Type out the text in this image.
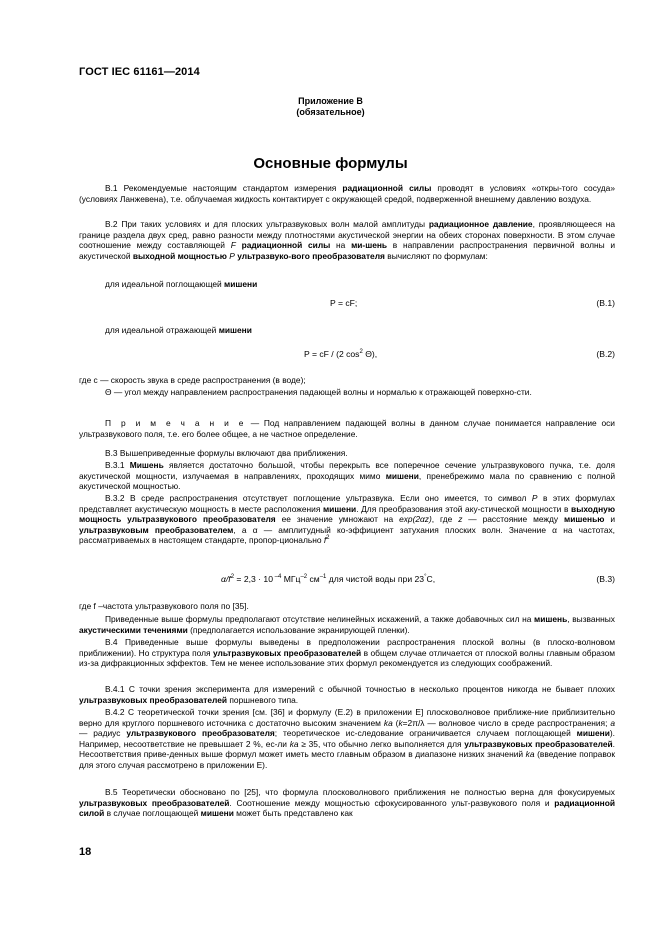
ГОСТ IEC 61161—2014
Приложение В
(обязательное)
Основные формулы
В.1 Рекомендуемые настоящим стандартом измерения радиационной силы проводят в условиях «откры-того сосуда» (условиях Ланжевена), т.е. облучаемая жидкость контактирует с окружающей средой, подверженной внешнему давлению воздуха.
В.2 При таких условиях и для плоских ультразвуковых волн малой амплитуды радиационное давление, проявляющееся на границе раздела двух сред, равно разности между плотностями акустической энергии на обеих сторонах поверхности. В этом случае соотношение между составляющей F радиационной силы на ми-шень в направлении распространения первичной волны и акустической выходной мощностью P ультразвуко-вого преобразователя вычисляют по формулам:
для идеальной поглощающей мишени
P = cF;	(В.1)
для идеальной отражающей мишени
P = cF / (2 $\cos^2 \Theta$),	(В.2)
где c — скорость звука в среде распространения (в воде);
Θ — угол между направлением распространения падающей волны и нормалью к отражающей поверхно-сти.
П р и м е ч а н и е — Под направлением падающей волны в данном случае понимается направление оси ультразвукового поля, т.е. его более общее, а не частное определение.
В.3 Вышеприведенные формулы включают два приближения.
В.3.1 Мишень является достаточно большой, чтобы перекрыть все поперечное сечение ультразвукового пучка, т.е. доля акустической мощности, излучаемая в направлениях, проходящих мимо мишени, пренебрежимо мала по сравнению с полной акустической мощностью.
В.3.2 В среде распространения отсутствует поглощение ультразвука. Если оно имеется, то символ P в этих формулах представляет акустическую мощность в месте расположения мишени. Для преобразования этой аку-стической мощности в выходную мощность ультразвукового преобразователя ее значение умножают на exp(2αz), где z — расстояние между мишенью и ультразвуковым преобразователем, а α — амплитудный ко-эффициент затухания плоских волн. Значение α на частотах, рассматриваемых в настоящем стандарте, пропор-ционально $f^2$
$\alpha/f^2 = 2,3 \cdot 10$ $^{-4}$ МГц$^{-2}$ $см^{-1}$ для чистой воды при 23°С,	(В.3)
где f –частота ультразвукового поля по [35].
Приведенные выше формулы предполагают отсутствие нелинейных искажений, а также добавочных сил на мишень, вызванных акустическими течениями (предполагается использование экранирующей пленки).
В.4 Приведенные выше формулы выведены в предположении распространения плоской волны (в плоско-волновом приближении). Но структура поля ультразвуковых преобразователей в общем случае отличается от плоской волны главным образом из-за дифракционных эффектов. Тем не менее использование этих формул рекомендуется из следующих соображений.
В.4.1 С точки зрения эксперимента для измерений с обычной точностью в несколько процентов никогда не бывает плохих ультразвуковых преобразователей поршневого типа.
В.4.2 С теоретической точки зрения [см. [36] и формулу (Е.2) в приложении Е] плосковолновое приближе-ние приблизительно верно для круглого поршневого источника с достаточно высоким значением ka (k=2π/λ — волновое число в среде распространения; a — радиус ультразвукового преобразователя; теоретическое ис-следование ограничивается случаем поглощающей мишени). Например, несоответствие не превышает 2 %, ес-ли ka ≥ 35, что обычно легко выполняется для ультразвуковых преобразователей. Несоответствия приве-денных выше формул может иметь место главным образом в диапазоне низких значений ka (введение поправок для этого случая рассмотрено в приложении Е).
В.5 Теоретически обосновано по [25], что формула плосковолнового приближения не полностью верна для фокусируемых ультразвуковых преобразователей. Соотношение между мощностью сфокусированного ульт-развукового поля и радиационной силой в случае поглощающей мишени может быть представлено как
18
